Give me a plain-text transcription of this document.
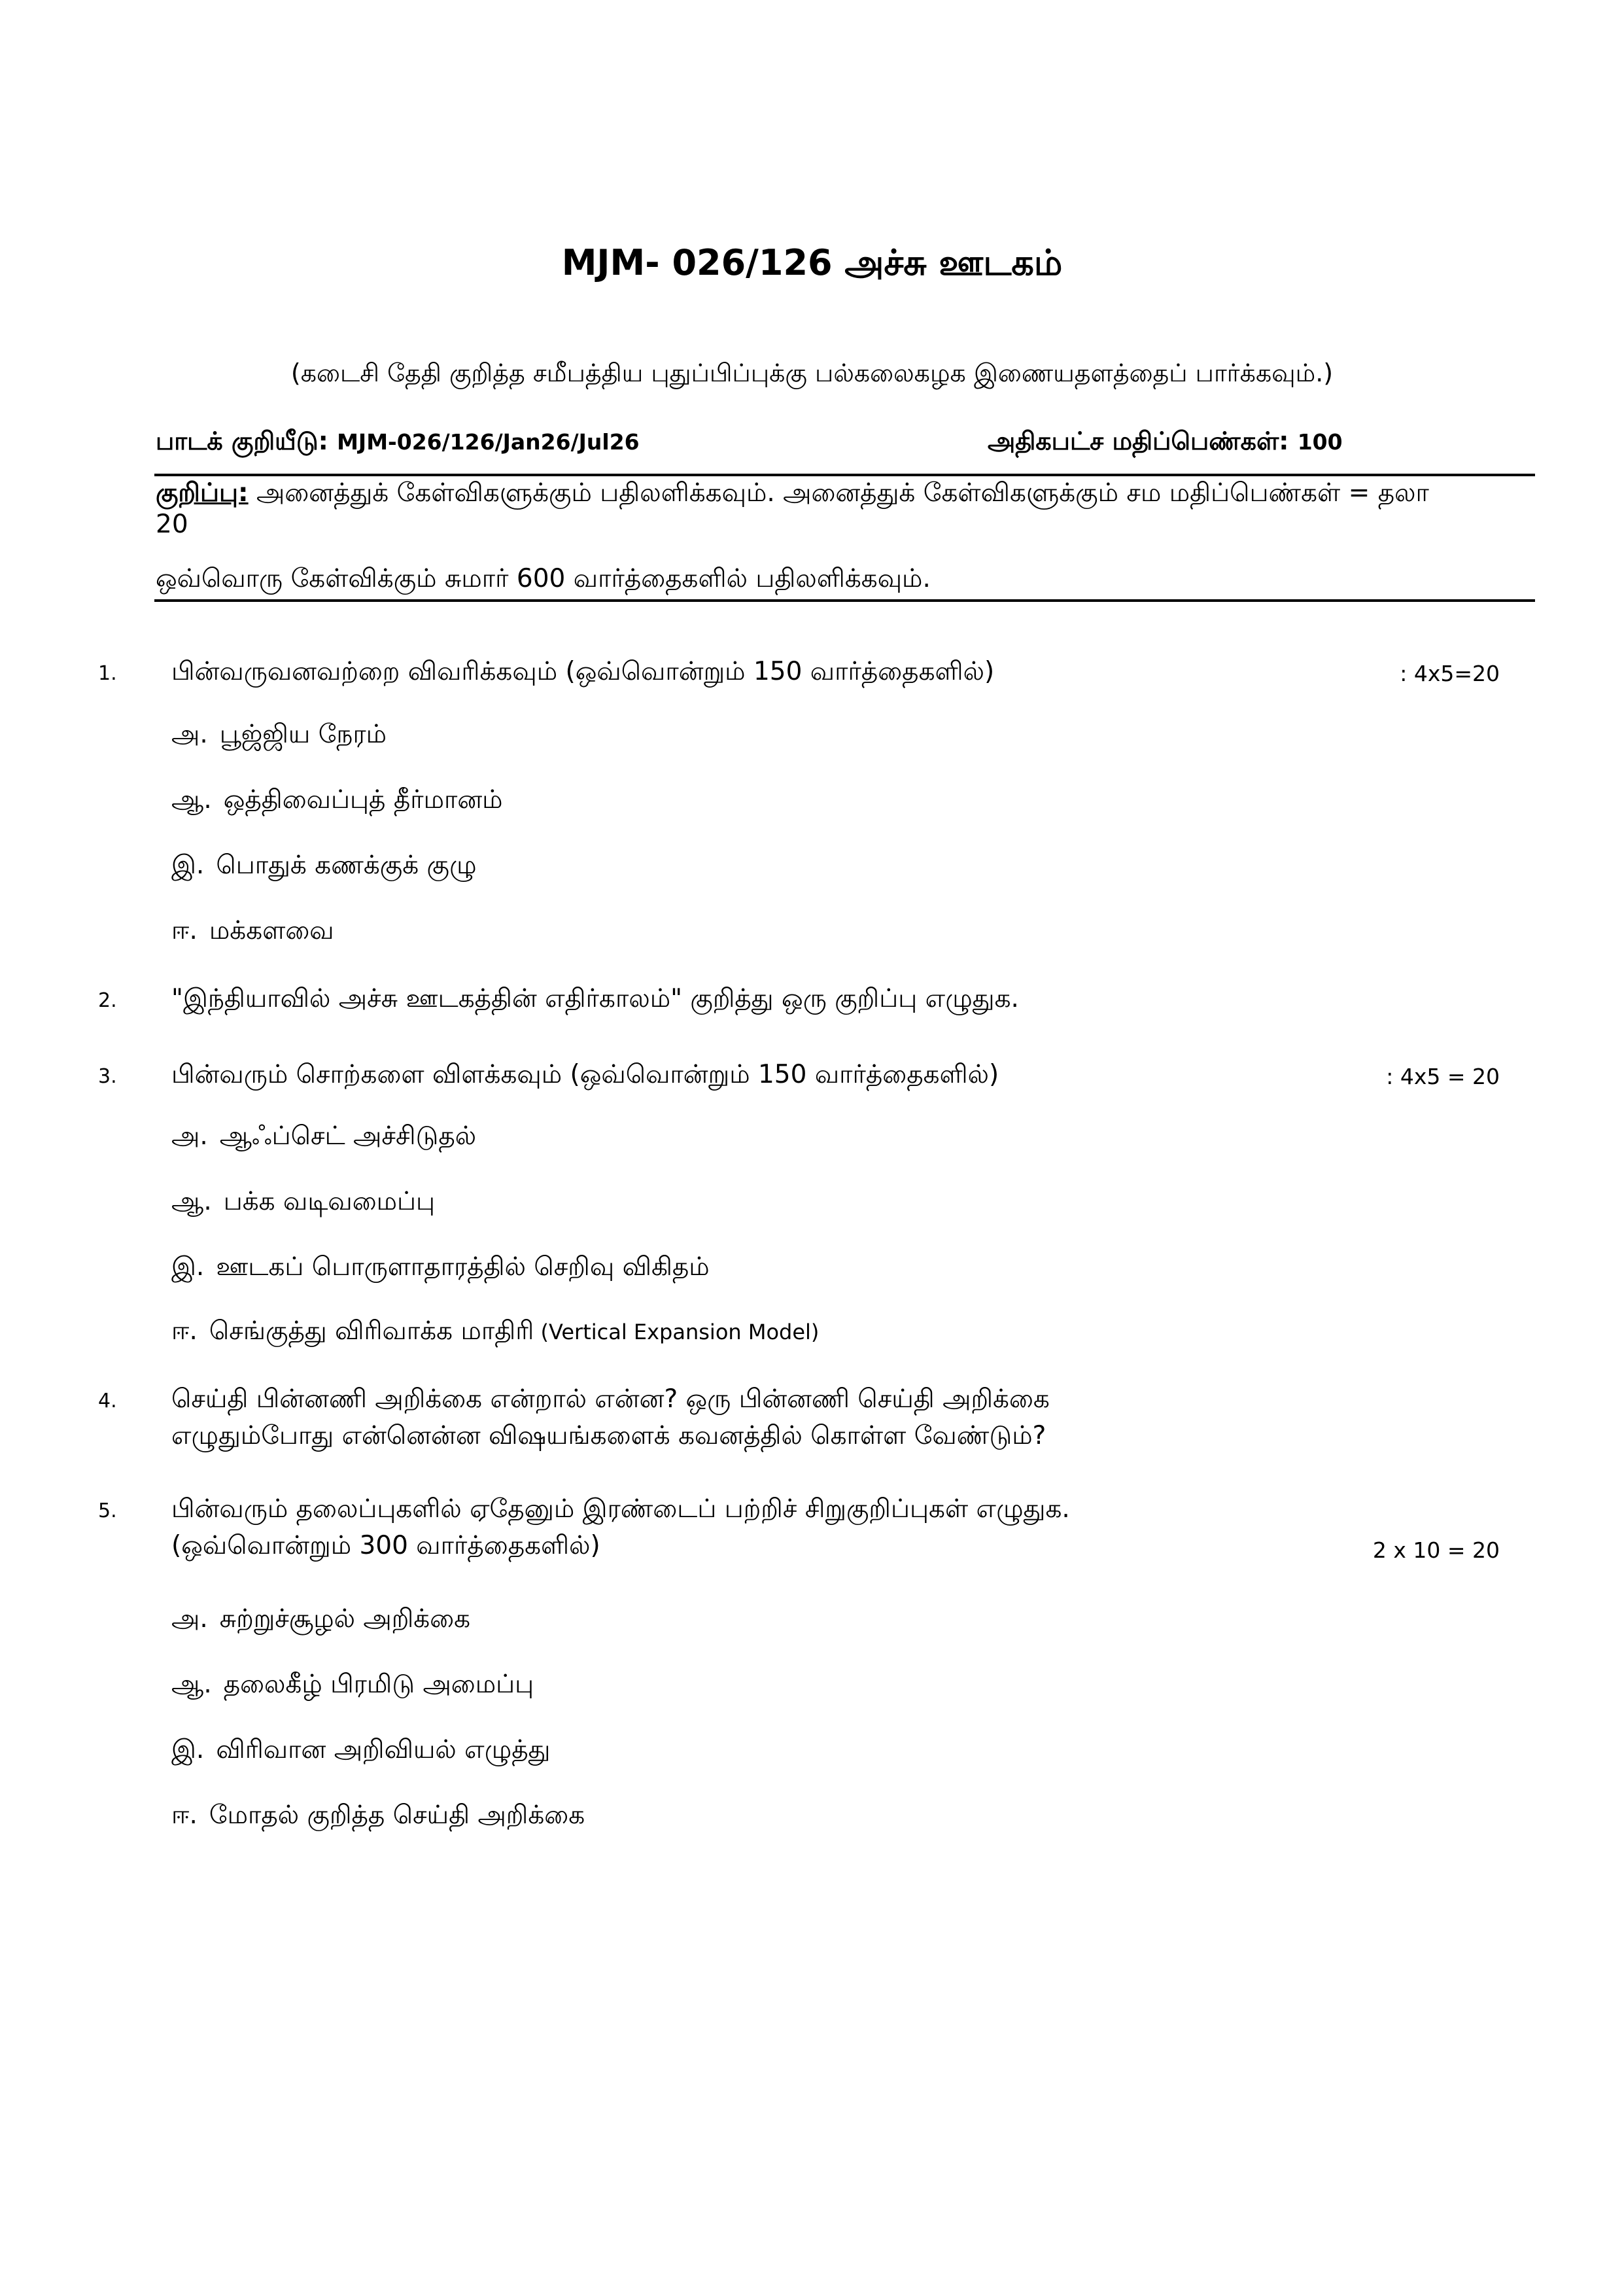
MJM- 026/126 அச்சு ஊடகம்
(கடைசி தேதி குறித்த சமீபத்திய புதுப்பிப்புக்கு பல்கலைகழக இணையதளத்தைப் பார்க்கவும்.)
பாடக் குறியீடு: MJM-026/126/Jan26/Jul26	அதிகபட்ச மதிப்பெண்கள்: 100
குறிப்பு: அனைத்துக் கேள்விகளுக்கும் பதிலளிக்கவும். அனைத்துக் கேள்விகளுக்கும் சம மதிப்பெண்கள் = தலா 20
ஒவ்வொரு கேள்விக்கும் சுமார் 600 வார்த்தைகளில் பதிலளிக்கவும்.
1. பின்வருவனவற்றை விவரிக்கவும் (ஒவ்வொன்றும் 150 வார்த்தைகளில்)	: 4x5=20
அ. பூஜ்ஜிய நேரம்
ஆ. ஒத்திவைப்புத் தீர்மானம்
இ. பொதுக் கணக்குக் குழு
ஈ. மக்களவை
2. "இந்தியாவில் அச்சு ஊடகத்தின் எதிர்காலம்" குறித்து ஒரு குறிப்பு எழுதுக.
3. பின்வரும் சொற்களை விளக்கவும் (ஒவ்வொன்றும் 150 வார்த்தைகளில்)	: 4x5 = 20
அ. ஆஃப்செட் அச்சிடுதல்
ஆ. பக்க வடிவமைப்பு
இ. ஊடகப் பொருளாதாரத்தில் செறிவு விகிதம்
ஈ. செங்குத்து விரிவாக்க மாதிரி (Vertical Expansion Model)
4. செய்தி பின்னணி அறிக்கை என்றால் என்ன? ஒரு பின்னணி செய்தி அறிக்கை
எழுதும்போது என்னென்ன விஷயங்களைக் கவனத்தில் கொள்ள வேண்டும்?
5. பின்வரும் தலைப்புகளில் ஏதேனும் இரண்டைப் பற்றிச் சிறுகுறிப்புகள் எழுதுக.
(ஒவ்வொன்றும் 300 வார்த்தைகளில்)	2 x 10 = 20
அ. சுற்றுச்சூழல் அறிக்கை
ஆ. தலைகீழ் பிரமிடு அமைப்பு
இ. விரிவான அறிவியல் எழுத்து
ஈ. மோதல் குறித்த செய்தி அறிக்கை
